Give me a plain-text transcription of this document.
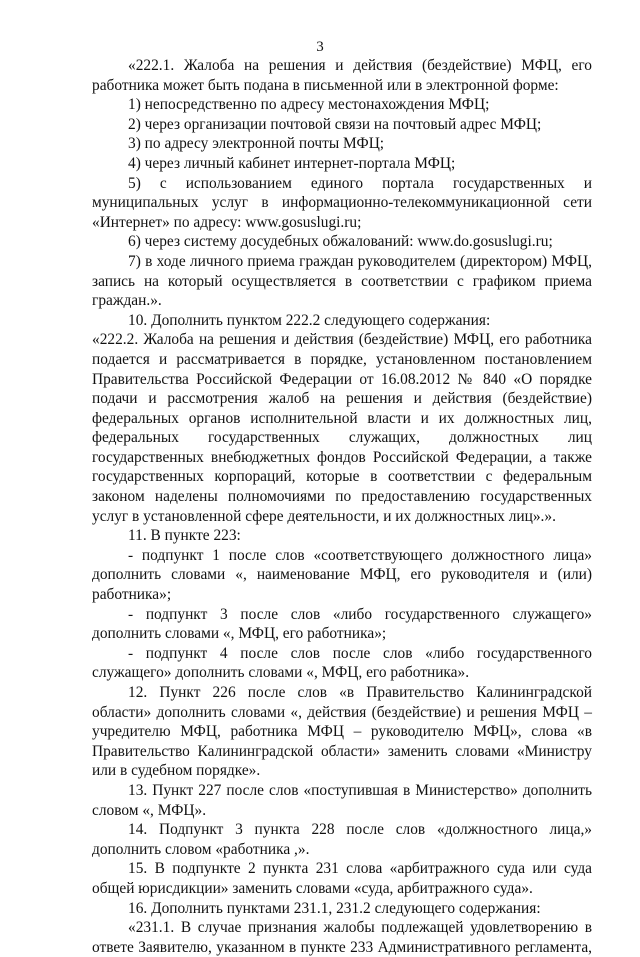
3

«222.1. Жалоба на решения и действия (бездействие) МФЦ, его работника может быть подана в письменной или в электронной форме:

1) непосредственно по адресу местонахождения МФЦ;

2) через организации почтовой связи на почтовый адрес МФЦ;

3) по адресу электронной почты МФЦ;

4) через личный кабинет интернет-портала МФЦ;

5) с использованием единого портала государственных и муниципальных услуг в информационно-телекоммуникационной сети «Интернет» по адресу: www.gosuslugi.ru;

6) через систему досудебных обжалований: www.do.gosuslugi.ru;

7) в ходе личного приема граждан руководителем (директором) МФЦ, запись на который осуществляется в соответствии с графиком приема граждан.».

10. Дополнить пунктом 222.2 следующего содержания:

«222.2. Жалоба на решения и действия (бездействие) МФЦ, его работника подается и рассматривается в порядке, установленном постановлением Правительства Российской Федерации от 16.08.2012 № 840 «О порядке подачи и рассмотрения жалоб на решения и действия (бездействие) федеральных органов исполнительной власти и их должностных лиц, федеральных государственных служащих, должностных лиц государственных внебюджетных фондов Российской Федерации, а также государственных корпораций, которые в соответствии с федеральным законом наделены полномочиями по предоставлению государственных услуг в установленной сфере деятельности, и их должностных лиц».».

11. В пункте 223:

- подпункт 1 после слов «соответствующего должностного лица» дополнить словами «, наименование МФЦ, его руководителя и (или) работника»;

- подпункт 3 после слов «либо государственного служащего» дополнить словами «, МФЦ, его работника»;

- подпункт 4 после слов после слов «либо государственного служащего» дополнить словами «, МФЦ, его работника».

12. Пункт 226 после слов «в Правительство Калининградской области» дополнить словами «, действия (бездействие) и решения МФЦ – учредителю МФЦ, работника МФЦ – руководителю МФЦ», слова «в Правительство Калининградской области» заменить словами «Министру или в судебном порядке».

13. Пункт 227 после слов «поступившая в Министерство» дополнить словом «, МФЦ».

14. Подпункт 3 пункта 228 после слов «должностного лица,» дополнить словом «работника ,».

15. В подпункте 2 пункта 231 слова «арбитражного суда или суда общей юрисдикции» заменить словами «суда, арбитражного суда».

16. Дополнить пунктами 231.1, 231.2 следующего содержания:

«231.1. В случае признания жалобы подлежащей удовлетворению в ответе Заявителю, указанном в пункте 233 Административного регламента,
